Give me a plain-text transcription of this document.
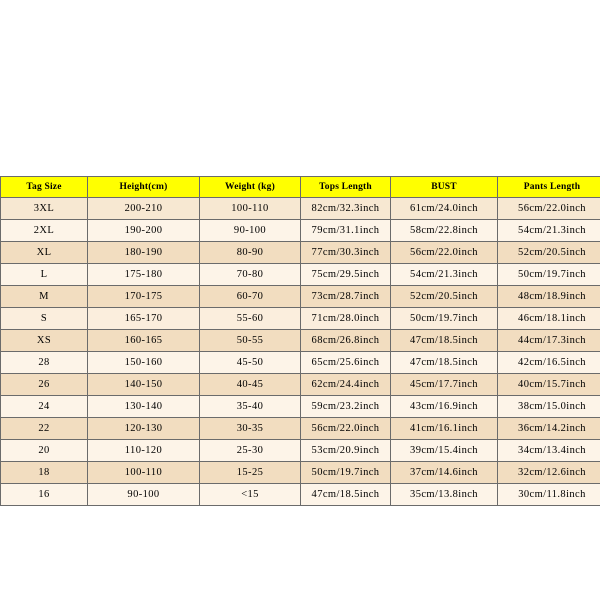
Tag Size	Height(cm)	Weight (kg)	Tops Length	BUST	Pants Length
3XL	200-210	100-110	82cm/32.3inch	61cm/24.0inch	56cm/22.0inch
2XL	190-200	90-100	79cm/31.1inch	58cm/22.8inch	54cm/21.3inch
XL	180-190	80-90	77cm/30.3inch	56cm/22.0inch	52cm/20.5inch
L	175-180	70-80	75cm/29.5inch	54cm/21.3inch	50cm/19.7inch
M	170-175	60-70	73cm/28.7inch	52cm/20.5inch	48cm/18.9inch
S	165-170	55-60	71cm/28.0inch	50cm/19.7inch	46cm/18.1inch
XS	160-165	50-55	68cm/26.8inch	47cm/18.5inch	44cm/17.3inch
28	150-160	45-50	65cm/25.6inch	47cm/18.5inch	42cm/16.5inch
26	140-150	40-45	62cm/24.4inch	45cm/17.7inch	40cm/15.7inch
24	130-140	35-40	59cm/23.2inch	43cm/16.9inch	38cm/15.0inch
22	120-130	30-35	56cm/22.0inch	41cm/16.1inch	36cm/14.2inch
20	110-120	25-30	53cm/20.9inch	39cm/15.4inch	34cm/13.4inch
18	100-110	15-25	50cm/19.7inch	37cm/14.6inch	32cm/12.6inch
16	90-100	<15	47cm/18.5inch	35cm/13.8inch	30cm/11.8inch
